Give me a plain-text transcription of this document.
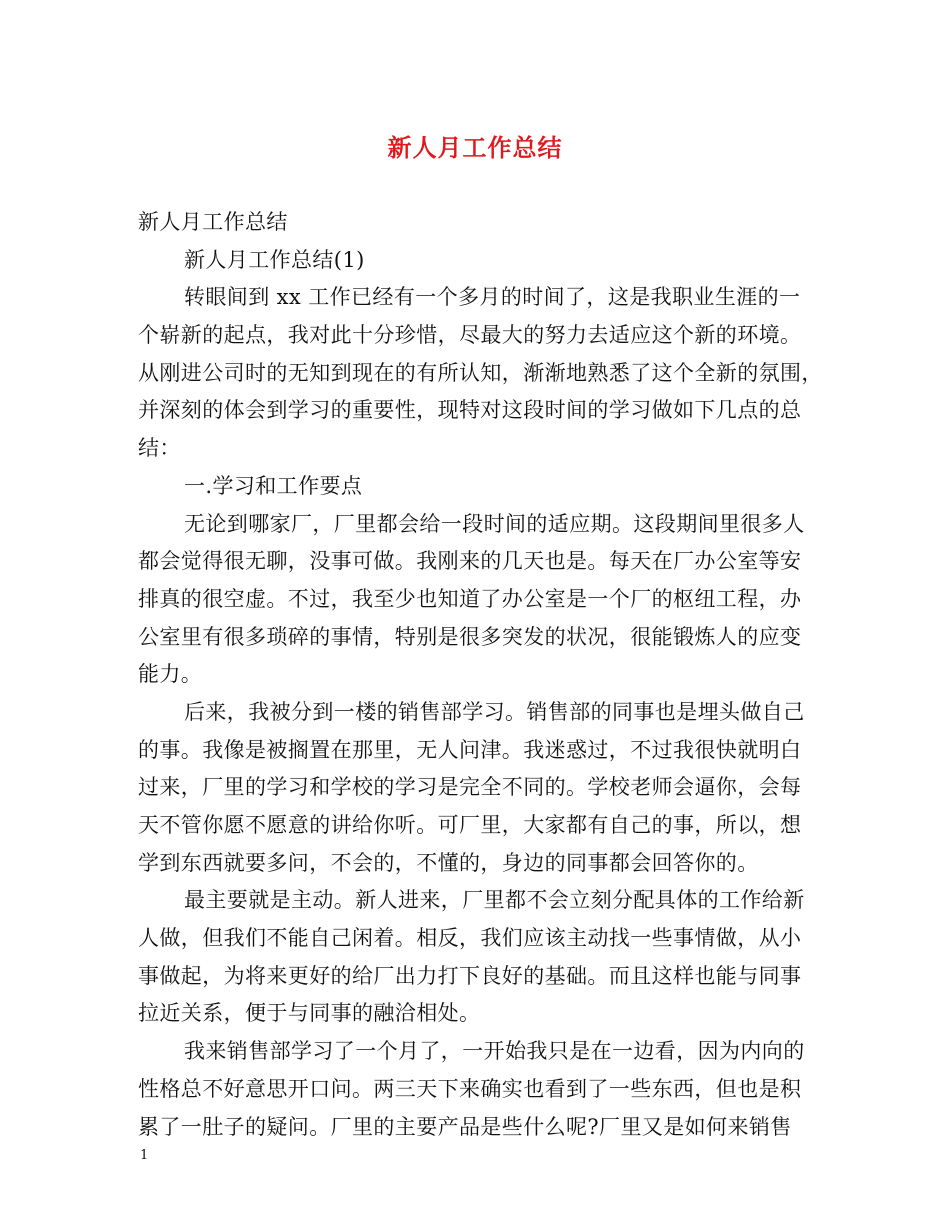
新人月工作总结
新人月工作总结
新人月工作总结(1)
转眼间到 xx 工作已经有一个多月的时间了，这是我职业生涯的一
个崭新的起点，我对此十分珍惜，尽最大的努力去适应这个新的环境。
从刚进公司时的无知到现在的有所认知，渐渐地熟悉了这个全新的氛围，
并深刻的体会到学习的重要性，现特对这段时间的学习做如下几点的总
结：
一.学习和工作要点
无论到哪家厂，厂里都会给一段时间的适应期。这段期间里很多人
都会觉得很无聊，没事可做。我刚来的几天也是。每天在厂办公室等安
排真的很空虚。不过，我至少也知道了办公室是一个厂的枢纽工程，办
公室里有很多琐碎的事情，特别是很多突发的状况，很能锻炼人的应变
能力。
后来，我被分到一楼的销售部学习。销售部的同事也是埋头做自己
的事。我像是被搁置在那里，无人问津。我迷惑过，不过我很快就明白
过来，厂里的学习和学校的学习是完全不同的。学校老师会逼你，会每
天不管你愿不愿意的讲给你听。可厂里，大家都有自己的事，所以，想
学到东西就要多问，不会的，不懂的，身边的同事都会回答你的。
最主要就是主动。新人进来，厂里都不会立刻分配具体的工作给新
人做，但我们不能自己闲着。相反，我们应该主动找一些事情做，从小
事做起，为将来更好的给厂出力打下良好的基础。而且这样也能与同事
拉近关系，便于与同事的融洽相处。
我来销售部学习了一个月了，一开始我只是在一边看，因为内向的
性格总不好意思开口问。两三天下来确实也看到了一些东西，但也是积
累了一肚子的疑问。厂里的主要产品是些什么呢?厂里又是如何来销售
1
